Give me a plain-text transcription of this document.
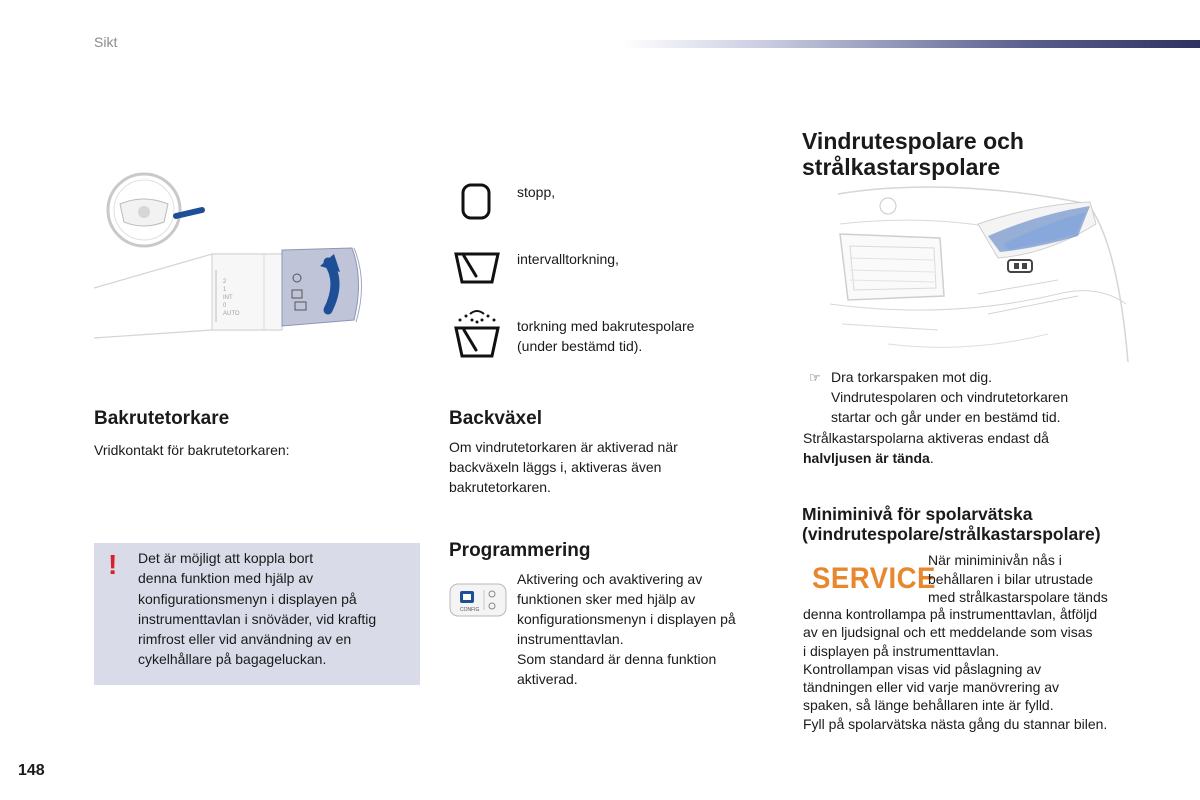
Sikt
2
1
INT
0
AUTO
stopp,
intervalltorkning,
torkning med bakrutespolare
(under bestämd tid).
Bakrutetorkare
Vridkontakt för bakrutetorkaren:
! Det är möjligt att koppla bort
denna funktion med hjälp av
konfigurationsmenyn i displayen på
instrumenttavlan i snöväder, vid kraftig
rimfrost eller vid användning av en
cykelhållare på bagageluckan.
Backväxel
Om vindrutetorkaren är aktiverad när
backväxeln läggs i, aktiveras även
bakrutetorkaren.
Programmering
CONFIG
Aktivering och avaktivering av
funktionen sker med hjälp av
konfigurationsmenyn i displayen på
instrumenttavlan.
Som standard är denna funktion
aktiverad.
Vindrutespolare och
strålkastarspolare
☞ Dra torkarspaken mot dig.
Vindrutespolaren och vindrutetorkaren
startar och går under en bestämd tid.
Strålkastarspolarna aktiveras endast då
halvljusen är tända.
Miniminivå för spolarvätska
(vindrutespolare/strålkastarspolare)
SERVICE
När miniminivån nås i
behållaren i bilar utrustade
med strålkastarspolare tänds
denna kontrollampa på instrumenttavlan, åtföljd
av en ljudsignal och ett meddelande som visas
i displayen på instrumenttavlan.
Kontrollampan visas vid påslagning av
tändningen eller vid varje manövrering av
spaken, så länge behållaren inte är fylld.
Fyll på spolarvätska nästa gång du stannar bilen.
148
